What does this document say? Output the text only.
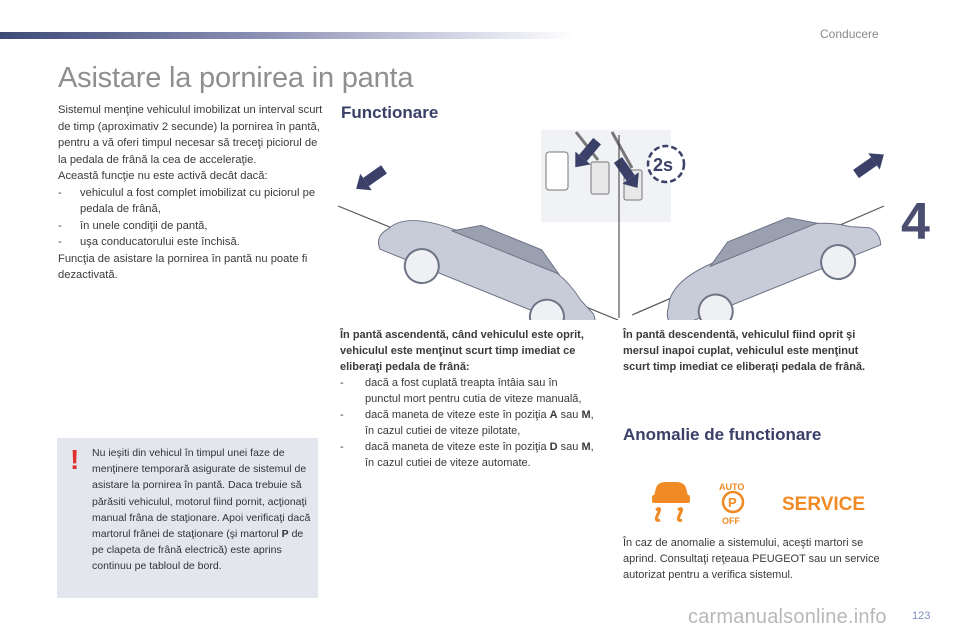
Conducere
Asistare la pornirea in panta

Sistemul menţine vehiculul imobilizat un interval scurt de timp (aproximativ 2 secunde) la pornirea în pantă, pentru a vă oferi timpul necesar să treceţi piciorul de la pedala de frână la cea de acceleraţie.

Această funcţie nu este activă decât dacă:

- vehiculul a fost complet imobilizat cu piciorul pe pedala de frână,

- în unele condiţii de pantă,

- uşa conducatorului este închisă.

Funcţia de asistare la pornirea în pantă nu poate fi dezactivată.

! Nu ieşiti din vehicul în timpul unei faze de menţinere temporară asigurate de sistemul de asistare la pornirea în pantă. Daca trebuie să părăsiti vehiculul, motorul fiind pornit, acţionaţi manual frâna de staţionare. Apoi verificaţi dacă martorul frânei de staţionare (şi martorul P de pe clapeta de frână electrică) este aprins continuu pe tabloul de bord.
Functionare
2s

În pantă ascendentă, când vehiculul este oprit, vehiculul este menţinut scurt timp imediat ce eliberaţi pedala de frână:

- dacă a fost cuplată treapta întâia sau în punctul mort pentru cutia de viteze manuală,

- dacă maneta de viteze este în poziţia A sau M, în cazul cutiei de viteze pilotate,

- dacă maneta de viteze este în poziţia D sau M, în cazul cutiei de viteze automate.

În pantă descendentă, vehiculul fiind oprit şi mersul inapoi cuplat, vehiculul este menţinut scurt timp imediat ce eliberaţi pedala de frână.
Anomalie de functionare
AUTO
P
OFF
SERVICE
În caz de anomalie a sistemului, aceşti martori se aprind. Consultaţi reţeaua PEUGEOT sau un service autorizat pentru a verifica sistemul.
4
carmanualsonline.info 123
